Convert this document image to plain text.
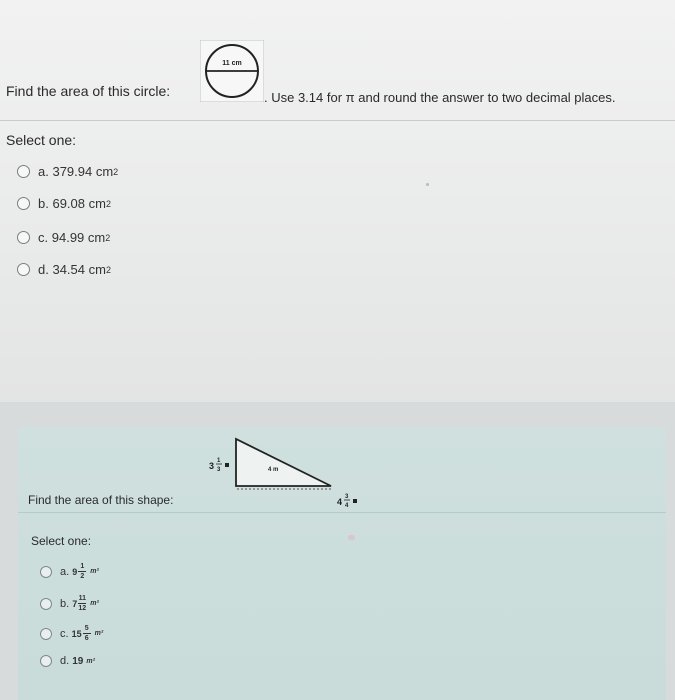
Find the area of this circle:
11 cm
. Use 3.14 for π and round the answer to two decimal places.
Select one:
a.
379.94 cm 2
b.
69.08 cm 2
c.
94.99 cm 2
d.
34.54 cm 2
Find the area of this shape:
3 1
3	4 m
4 3
4
Select one:
a.
$9 \frac{1}{2} m^2$
b.
$7 \frac{11}{12} m^2$
c.
$15 \frac{5}{6} m^2$
d.
19 m²
